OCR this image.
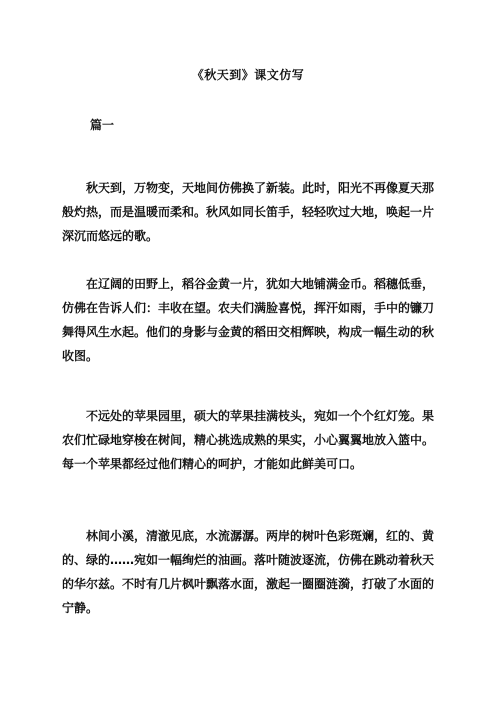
《秋天到》课文仿写
篇一

秋天到，万物变，天地间仿佛换了新装。此时，阳光不再像夏天那般灼热，而是温暖而柔和。秋风如同长笛手，轻轻吹过大地，唤起一片深沉而悠远的歌。

在辽阔的田野上，稻谷金黄一片，犹如大地铺满金币。稻穗低垂，仿佛在告诉人们：丰收在望。农夫们满脸喜悦，挥汗如雨，手中的镰刀舞得风生水起。他们的身影与金黄的稻田交相辉映，构成一幅生动的秋收图。

不远处的苹果园里，硕大的苹果挂满枝头，宛如一个个红灯笼。果农们忙碌地穿梭在树间，精心挑选成熟的果实，小心翼翼地放入篮中。每一个苹果都经过他们精心的呵护，才能如此鲜美可口。

林间小溪，清澈见底，水流潺潺。两岸的树叶色彩斑斓，红的、黄的、绿的……宛如一幅绚烂的油画。落叶随波逐流，仿佛在跳动着秋天的华尔兹。不时有几片枫叶飘落水面，激起一圈圈涟漪，打破了水面的宁静。
